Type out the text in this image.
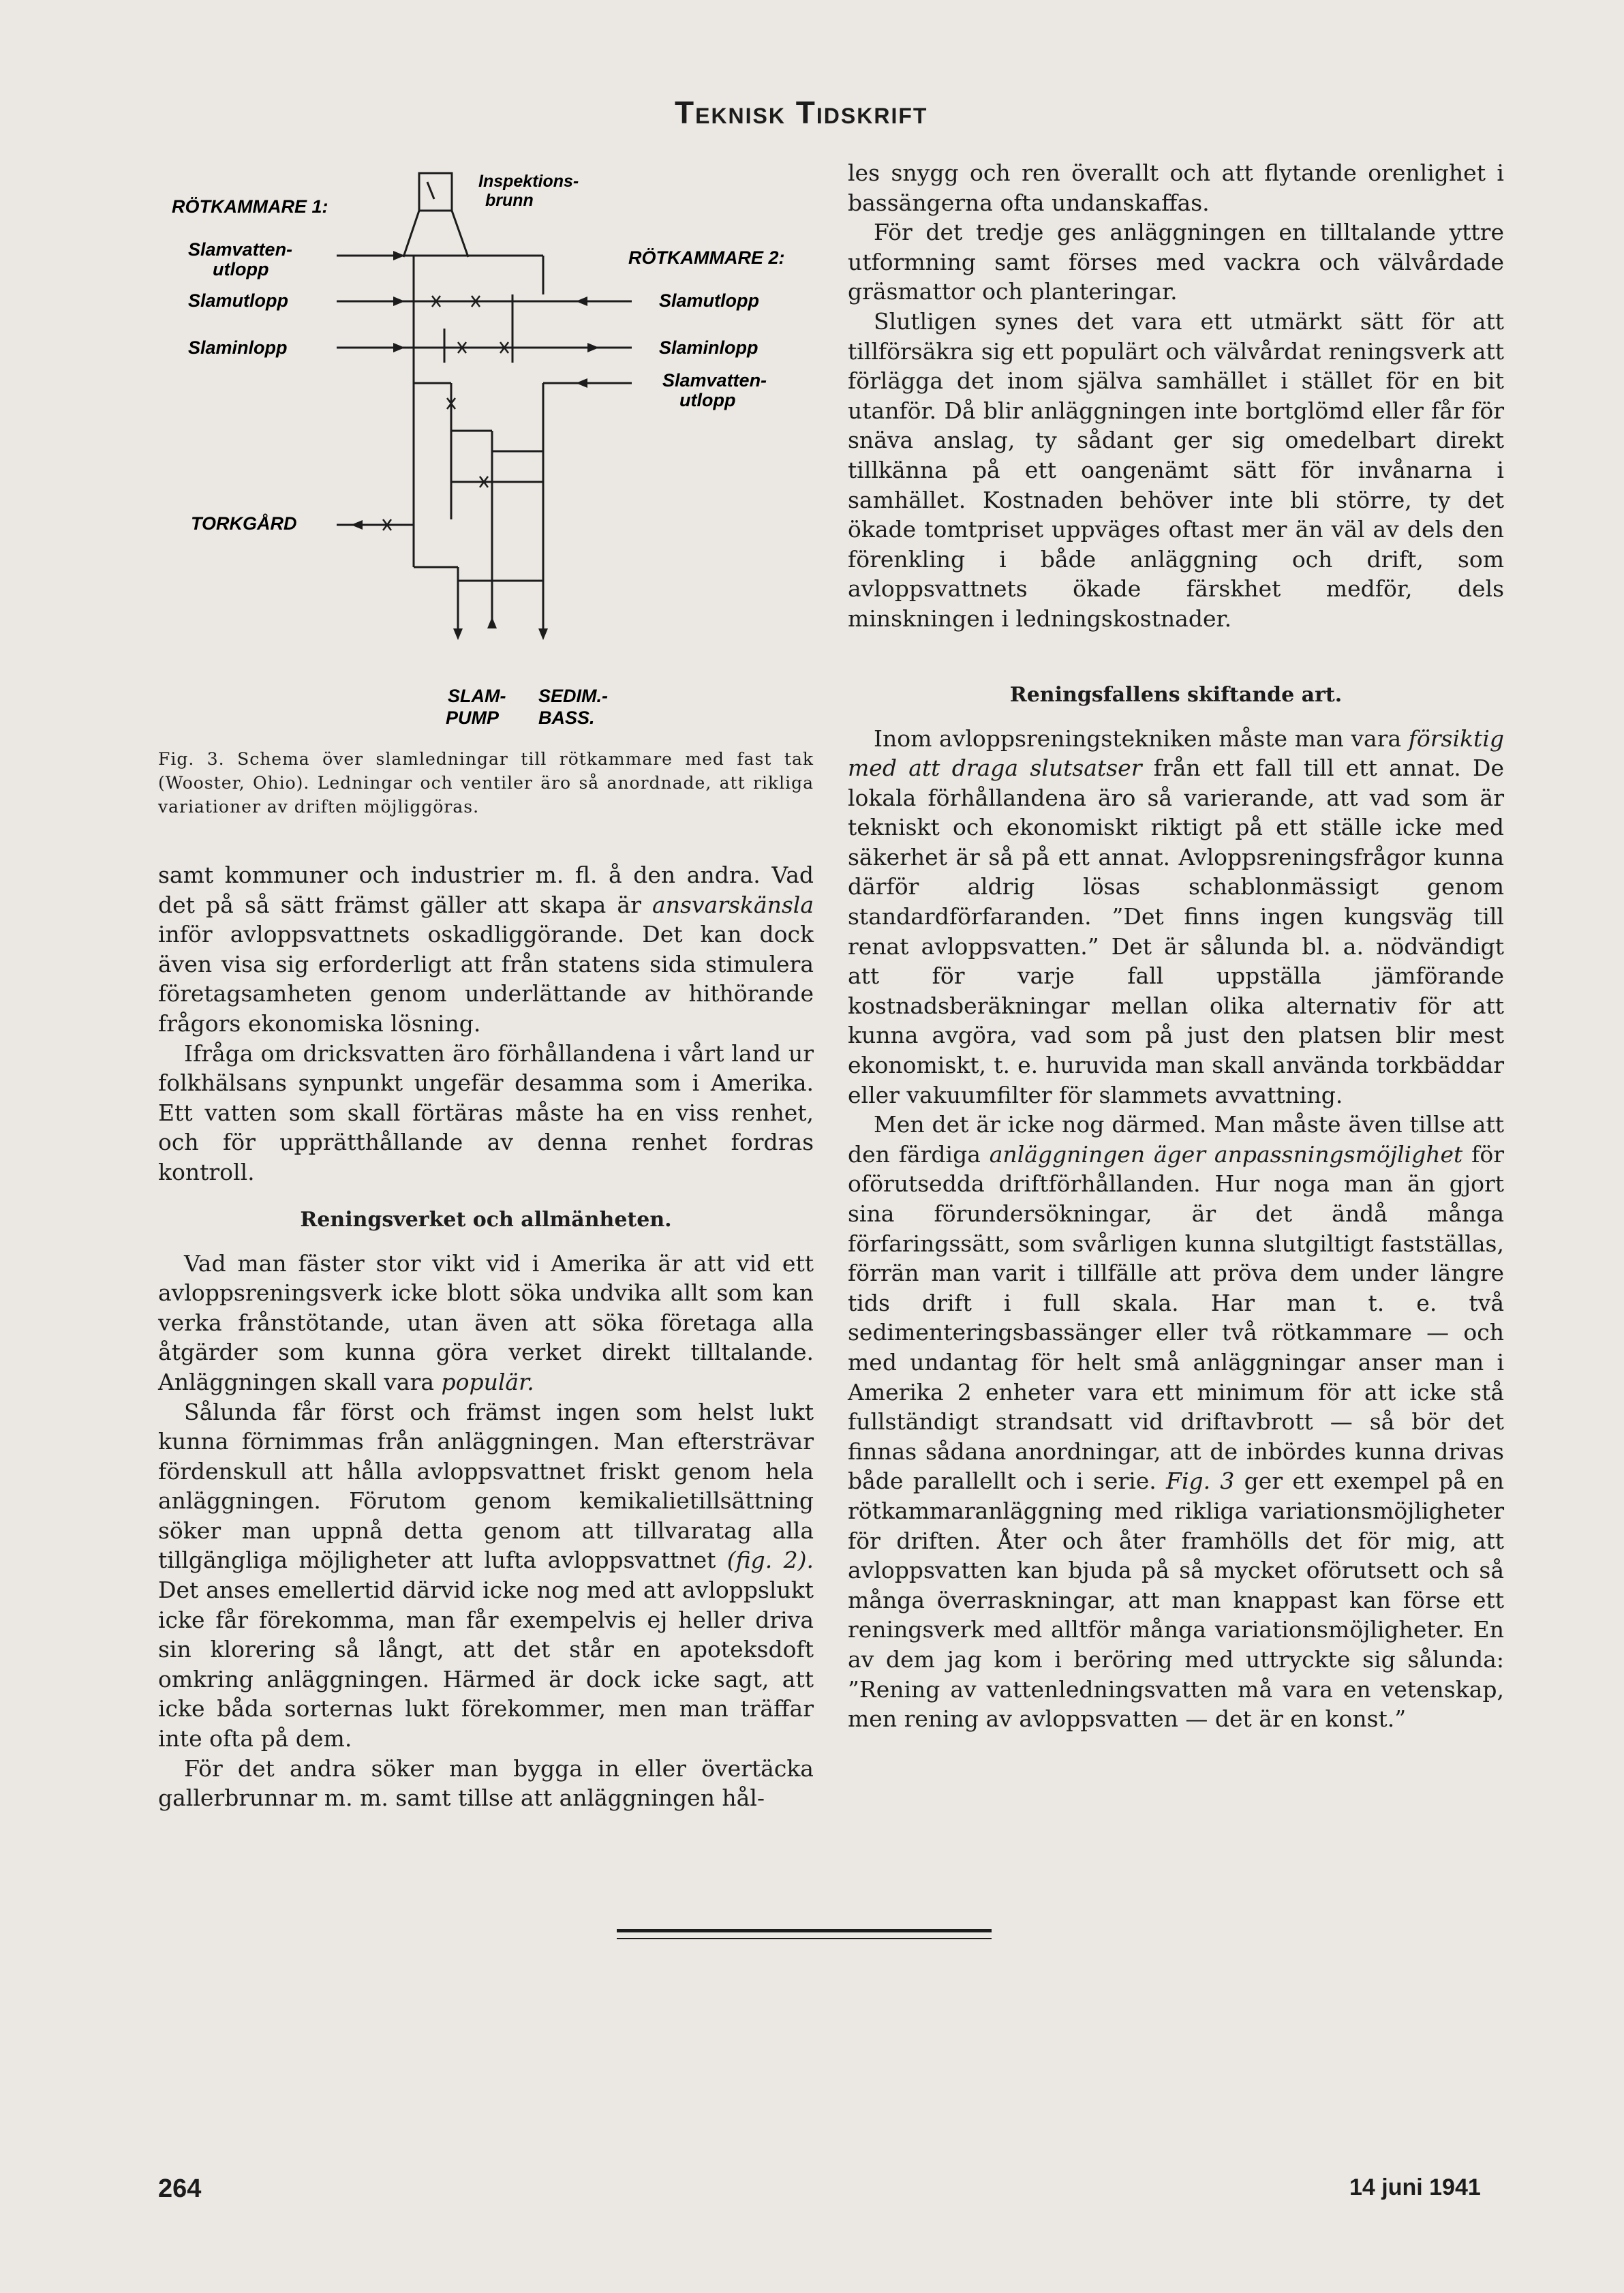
Teknisk Tidskrift
RÖTKAMMARE 1:
Inspektions-
brunn
Slamvatten-
utlopp
Slamutlopp
Slaminlopp
RÖTKAMMARE 2:
Slamutlopp
Slaminlopp
Slamvatten-
utlopp
TORKGÅRD
SLAM-
PUMP
SEDIM.-
BASS.
Fig. 3. Schema över slamledningar till rötkammare med fast tak (Wooster, Ohio). Ledningar och ventiler äro så anordnade, att rikliga variationer av driften möjliggöras.

samt kommuner och industrier m. fl. å den andra. Vad det på så sätt främst gäller att skapa är ansvarskänsla inför avloppsvattnets oskadliggörande. Det kan dock även visa sig erforderligt att från statens sida stimulera företagsamheten genom underlättande av hithörande frågors ekonomiska lösning.

Ifråga om dricksvatten äro förhållandena i vårt land ur folkhälsans synpunkt ungefär desamma som i Amerika. Ett vatten som skall förtäras måste ha en viss renhet, och för upprätthållande av denna renhet fordras kontroll.

Reningsverket och allmänheten.

Vad man fäster stor vikt vid i Amerika är att vid ett avloppsreningsverk icke blott söka undvika allt som kan verka frånstötande, utan även att söka företaga alla åtgärder som kunna göra verket direkt tilltalande. Anläggningen skall vara populär.

Sålunda får först och främst ingen som helst lukt kunna förnimmas från anläggningen. Man eftersträvar fördenskull att hålla avloppsvattnet friskt genom hela anläggningen. Förutom genom kemikalietillsättning söker man uppnå detta genom att tillvaratag alla tillgängliga möjligheter att lufta avloppsvattnet (fig. 2). Det anses emellertid därvid icke nog med att avloppslukt icke får förekomma, man får exempelvis ej heller driva sin klorering så långt, att det står en apoteksdoft omkring anläggningen. Härmed är dock icke sagt, att icke båda sorternas lukt förekommer, men man träffar inte ofta på dem.

För det andra söker man bygga in eller övertäcka gallerbrunnar m. m. samt tillse att anläggningen hål-

les snygg och ren överallt och att flytande orenlighet i bassängerna ofta undanskaffas.

För det tredje ges anläggningen en tilltalande yttre utformning samt förses med vackra och välvårdade gräsmattor och planteringar.

Slutligen synes det vara ett utmärkt sätt för att tillförsäkra sig ett populärt och välvårdat reningsverk att förlägga det inom själva samhället i stället för en bit utanför. Då blir anläggningen inte bortglömd eller får för snäva anslag, ty sådant ger sig omedelbart direkt tillkänna på ett oangenämt sätt för invånarna i samhället. Kostnaden behöver inte bli större, ty det ökade tomtpriset uppväges oftast mer än väl av dels den förenkling i både anläggning och drift, som avloppsvattnets ökade färskhet medför, dels minskningen i ledningskostnader.

Reningsfallens skiftande art.

Inom avloppsreningstekniken måste man vara försiktig med att draga slutsatser från ett fall till ett annat. De lokala förhållandena äro så varierande, att vad som är tekniskt och ekonomiskt riktigt på ett ställe icke med säkerhet är så på ett annat. Avloppsreningsfrågor kunna därför aldrig lösas schablonmässigt genom standardförfaranden. ”Det finns ingen kungsväg till renat avloppsvatten.” Det är sålunda bl. a. nödvändigt att för varje fall uppställa jämförande kostnadsberäkningar mellan olika alternativ för att kunna avgöra, vad som på just den platsen blir mest ekonomiskt, t. e. huruvida man skall använda torkbäddar eller vakuumfilter för slammets avvattning.

Men det är icke nog därmed. Man måste även tillse att den färdiga anläggningen äger anpassningsmöjlighet för oförutsedda driftförhållanden. Hur noga man än gjort sina förundersökningar, är det ändå många förfaringssätt, som svårligen kunna slutgiltigt fastställas, förrän man varit i tillfälle att pröva dem under längre tids drift i full skala. Har man t. e. två sedimenteringsbassänger eller två rötkammare — och med undantag för helt små anläggningar anser man i Amerika 2 enheter vara ett minimum för att icke stå fullständigt strandsatt vid driftavbrott — så bör det finnas sådana anordningar, att de inbördes kunna drivas både parallellt och i serie. Fig. 3 ger ett exempel på en rötkammaranläggning med rikliga variationsmöjligheter för driften. Åter och åter framhölls det för mig, att avloppsvatten kan bjuda på så mycket oförutsett och så många överraskningar, att man knappast kan förse ett reningsverk med alltför många variationsmöjligheter. En av dem jag kom i beröring med uttryckte sig sålunda: ”Rening av vattenledningsvatten må vara en vetenskap, men rening av avloppsvatten — det är en konst.”

264	14 juni 1941
